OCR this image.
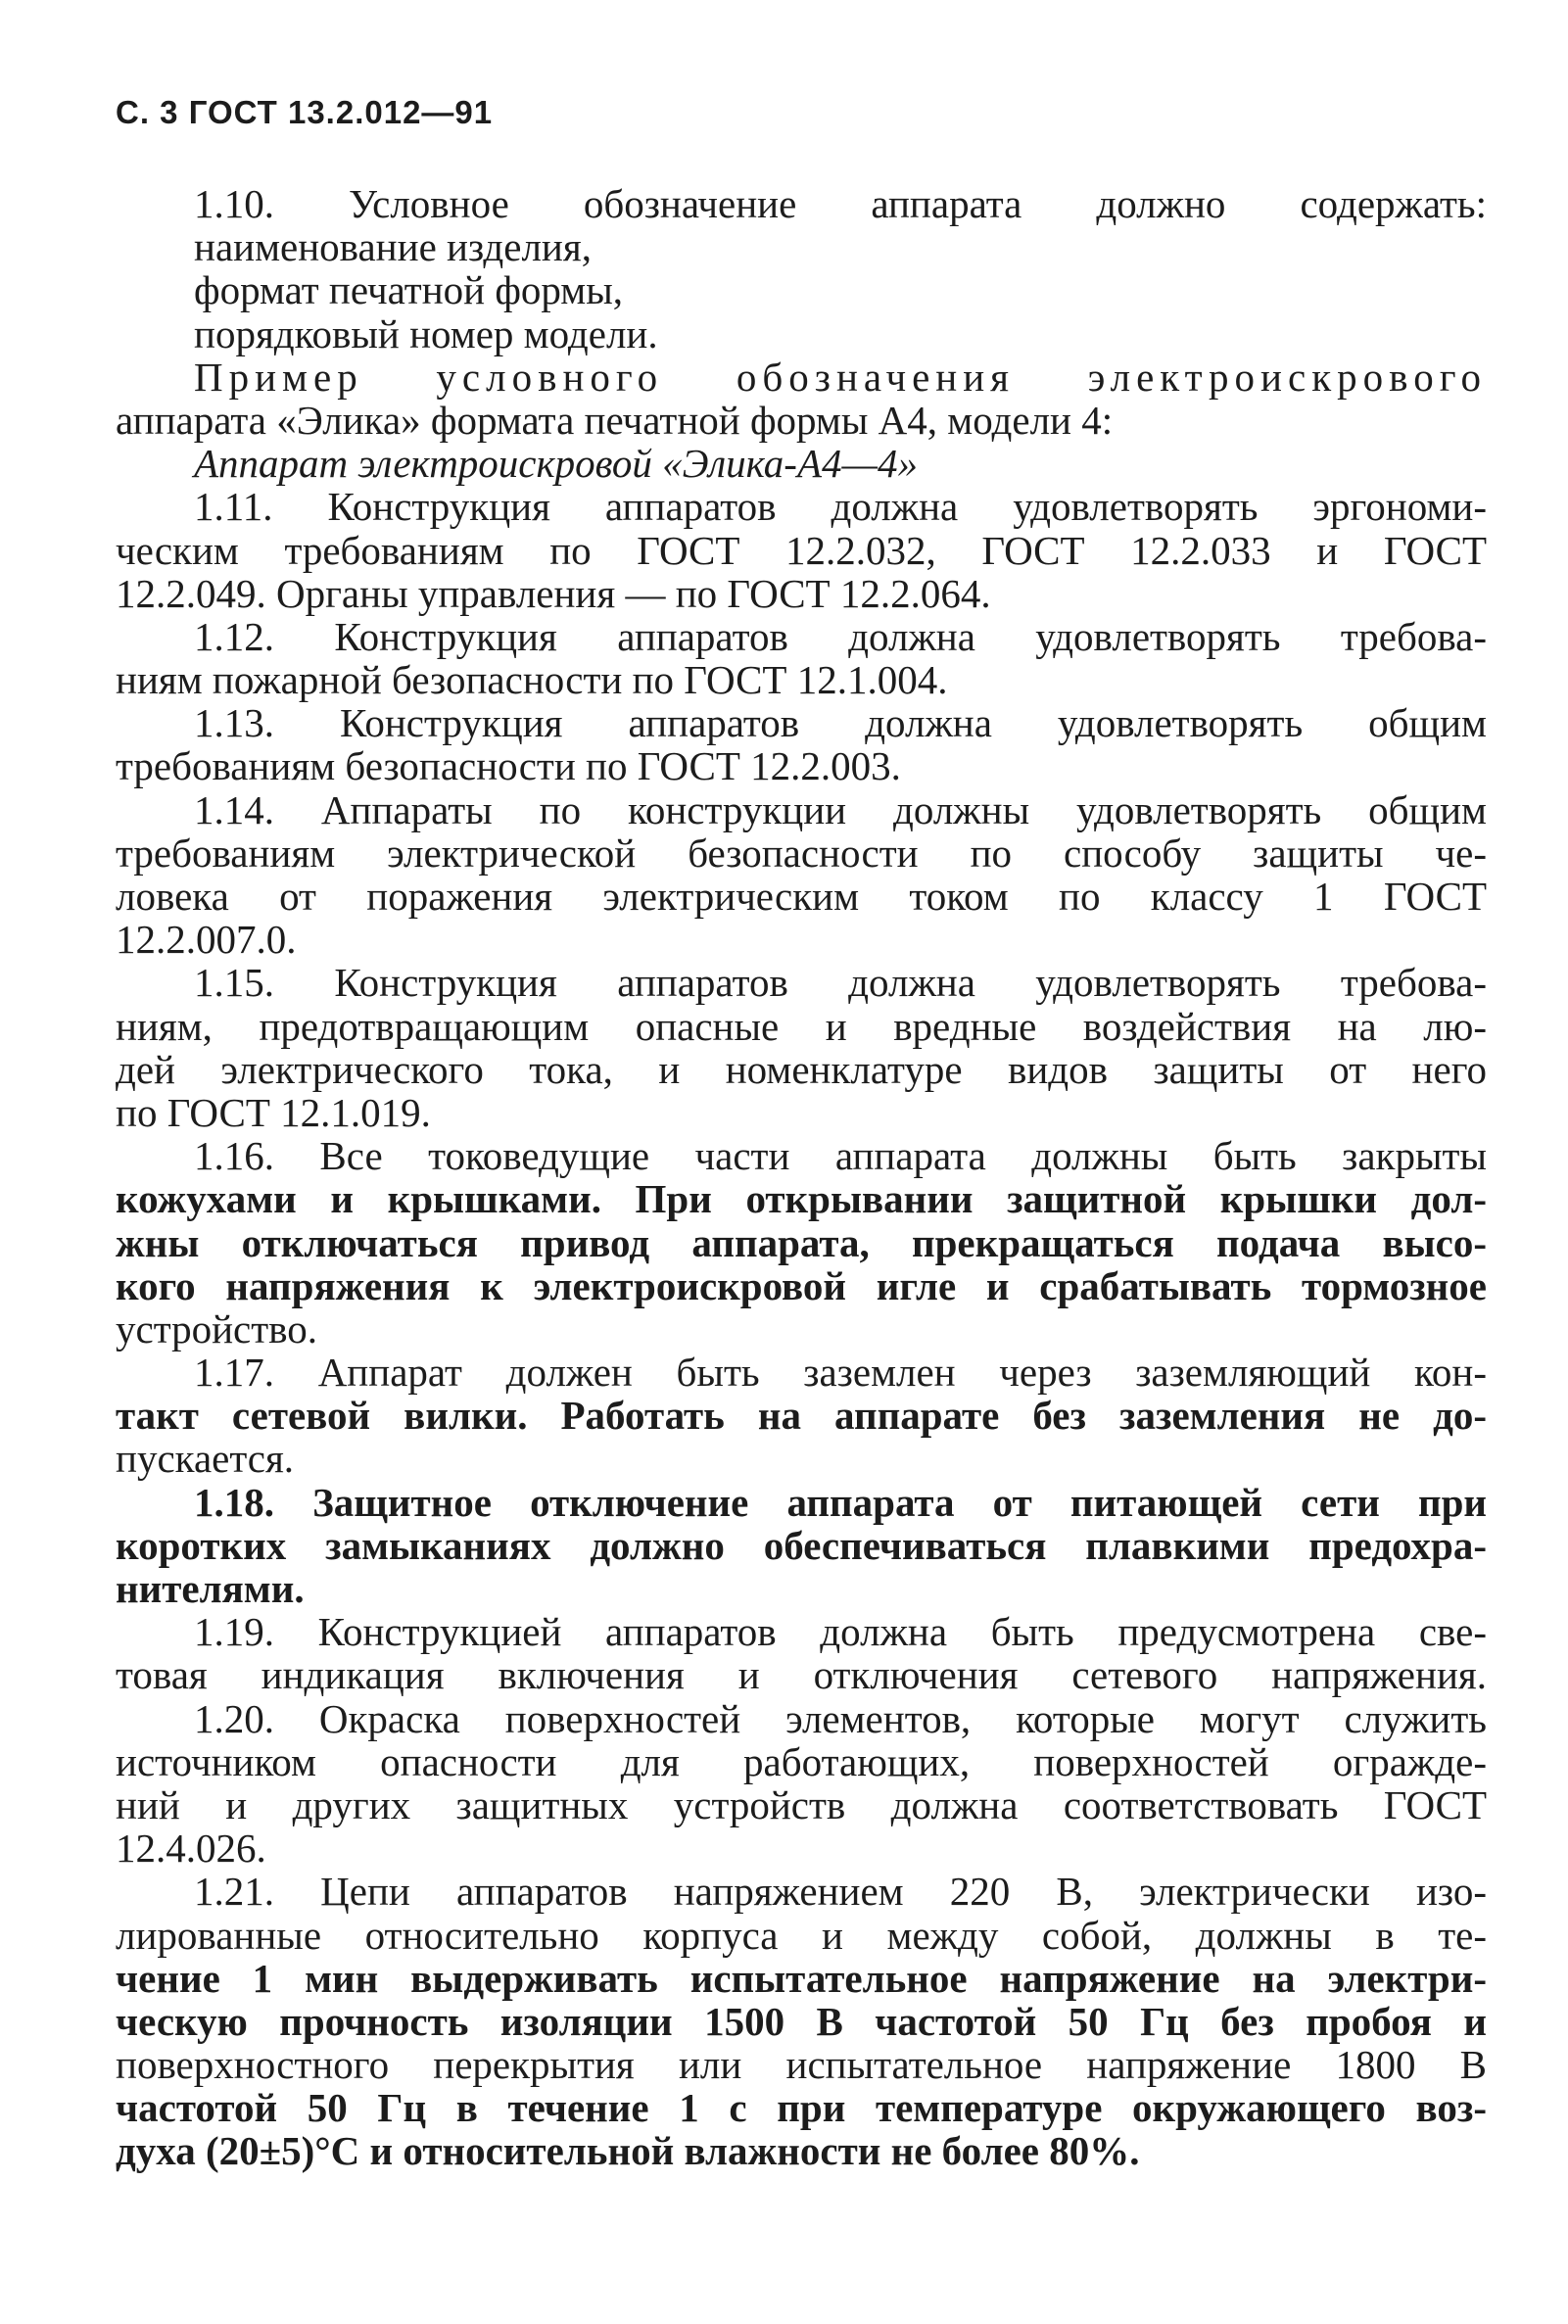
С. 3 ГОСТ 13.2.012—91
1.10. Условное обозначение аппарата должно содержать:
наименование изделия,
формат печатной формы,
порядковый номер модели.
Пример условного обозначения электроискрового
аппарата «Элика» формата печатной формы А4, модели 4:
Аппарат электроискровой «Элика-А4—4»
1.11. Конструкция аппаратов должна удовлетворять эргономи-
ческим требованиям по ГОСТ 12.2.032, ГОСТ 12.2.033 и ГОСТ
12.2.049. Органы управления — по ГОСТ 12.2.064.
1.12. Конструкция аппаратов должна удовлетворять требова-
ниям пожарной безопасности по ГОСТ 12.1.004.
1.13. Конструкция аппаратов должна удовлетворять общим
требованиям безопасности по ГОСТ 12.2.003.
1.14. Аппараты по конструкции должны удовлетворять общим
требованиям электрической безопасности по способу защиты че-
ловека от поражения электрическим током по классу 1 ГОСТ
12.2.007.0.
1.15. Конструкция аппаратов должна удовлетворять требова-
ниям, предотвращающим опасные и вредные воздействия на лю-
дей электрического тока, и номенклатуре видов защиты от него
по ГОСТ 12.1.019.
1.16. Все токоведущие части аппарата должны быть закрыты
кожухами и крышками. При открывании защитной крышки дол-
жны отключаться привод аппарата, прекращаться подача высо-
кого напряжения к электроискровой игле и срабатывать тормозное
устройство.
1.17. Аппарат должен быть заземлен через заземляющий кон-
такт сетевой вилки. Работать на аппарате без заземления не до-
пускается.
1.18. Защитное отключение аппарата от питающей сети при
коротких замыканиях должно обеспечиваться плавкими предохра-
нителями.
1.19. Конструкцией аппаратов должна быть предусмотрена све-
товая индикация включения и отключения сетевого напряжения.
1.20. Окраска поверхностей элементов, которые могут служить
источником опасности для работающих, поверхностей огражде-
ний и других защитных устройств должна соответствовать ГОСТ
12.4.026.
1.21. Цепи аппаратов напряжением 220 В, электрически изо-
лированные относительно корпуса и между собой, должны в те-
чение 1 мин выдерживать испытательное напряжение на электри-
ческую прочность изоляции 1500 В частотой 50 Гц без пробоя и
поверхностного перекрытия или испытательное напряжение 1800 В
частотой 50 Гц в течение 1 с при температуре окружающего воз-
духа (20±5)°С и относительной влажности не более 80%.
